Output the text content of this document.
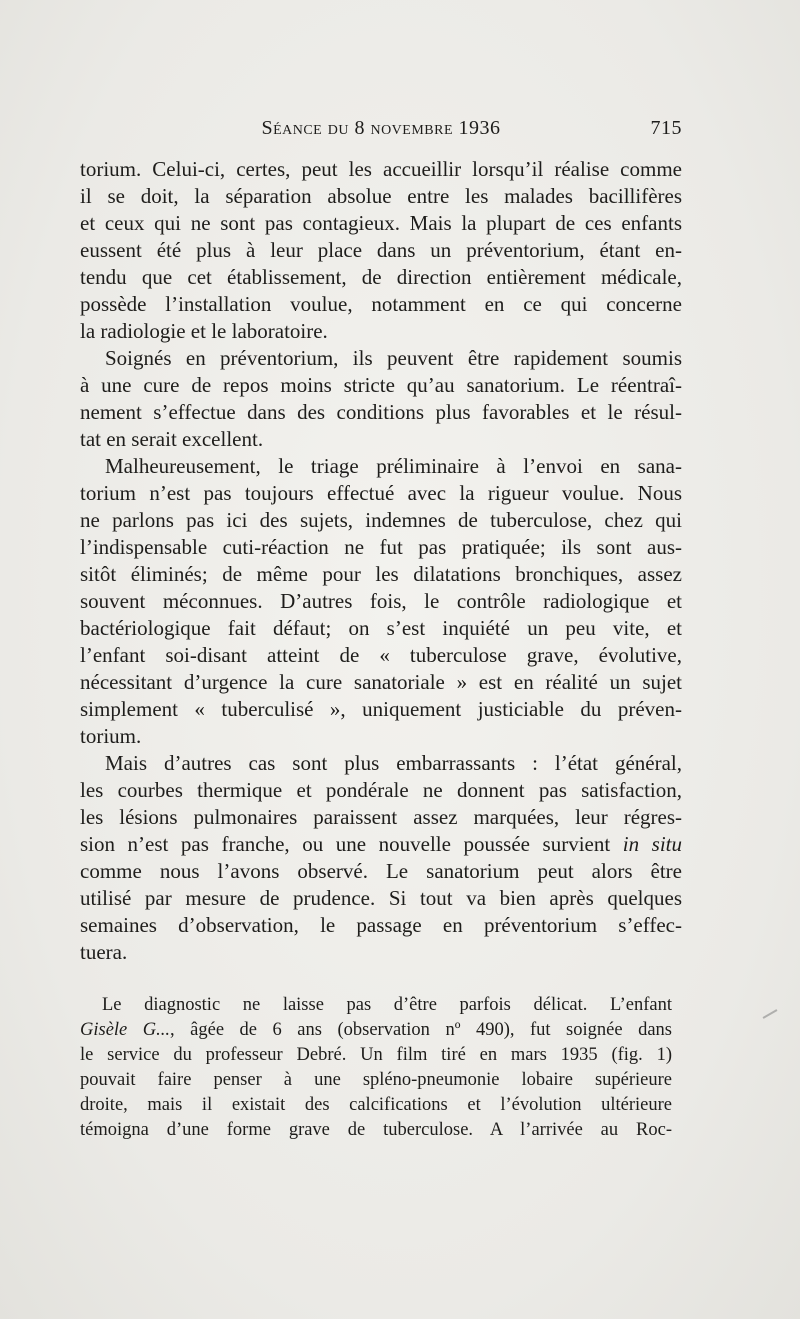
Séance du 8 novembre 1936	715
torium. Celui-ci, certes, peut les accueillir lorsqu’il réalise comme
il se doit, la séparation absolue entre les malades bacillifères
et ceux qui ne sont pas contagieux. Mais la plupart de ces enfants
eussent été plus à leur place dans un préventorium, étant en-
tendu que cet établissement, de direction entièrement médicale,
possède l’installation voulue, notamment en ce qui concerne
la radiologie et le laboratoire.
Soignés en préventorium, ils peuvent être rapidement soumis
à une cure de repos moins stricte qu’au sanatorium. Le réentraî-
nement s’effectue dans des conditions plus favorables et le résul-
tat en serait excellent.
Malheureusement, le triage préliminaire à l’envoi en sana-
torium n’est pas toujours effectué avec la rigueur voulue. Nous
ne parlons pas ici des sujets, indemnes de tuberculose, chez qui
l’indispensable cuti-réaction ne fut pas pratiquée; ils sont aus-
sitôt éliminés; de même pour les dilatations bronchiques, assez
souvent méconnues. D’autres fois, le contrôle radiologique et
bactériologique fait défaut; on s’est inquiété un peu vite, et
l’enfant soi-disant atteint de « tuberculose grave, évolutive,
nécessitant d’urgence la cure sanatoriale » est en réalité un sujet
simplement « tuberculisé », uniquement justiciable du préven-
torium.
Mais d’autres cas sont plus embarrassants : l’état général,
les courbes thermique et pondérale ne donnent pas satisfaction,
les lésions pulmonaires paraissent assez marquées, leur régres-
sion n’est pas franche, ou une nouvelle poussée survient in situ
comme nous l’avons observé. Le sanatorium peut alors être
utilisé par mesure de prudence. Si tout va bien après quelques
semaines d’observation, le passage en préventorium s’effec-
tuera.
Le diagnostic ne laisse pas d’être parfois délicat. L’enfant
Gisèle G..., âgée de 6 ans (observation nº 490), fut soignée dans
le service du professeur Debré. Un film tiré en mars 1935 (fig. 1)
pouvait faire penser à une spléno-pneumonie lobaire supérieure
droite, mais il existait des calcifications et l’évolution ultérieure
témoigna d’une forme grave de tuberculose. A l’arrivée au Roc-
